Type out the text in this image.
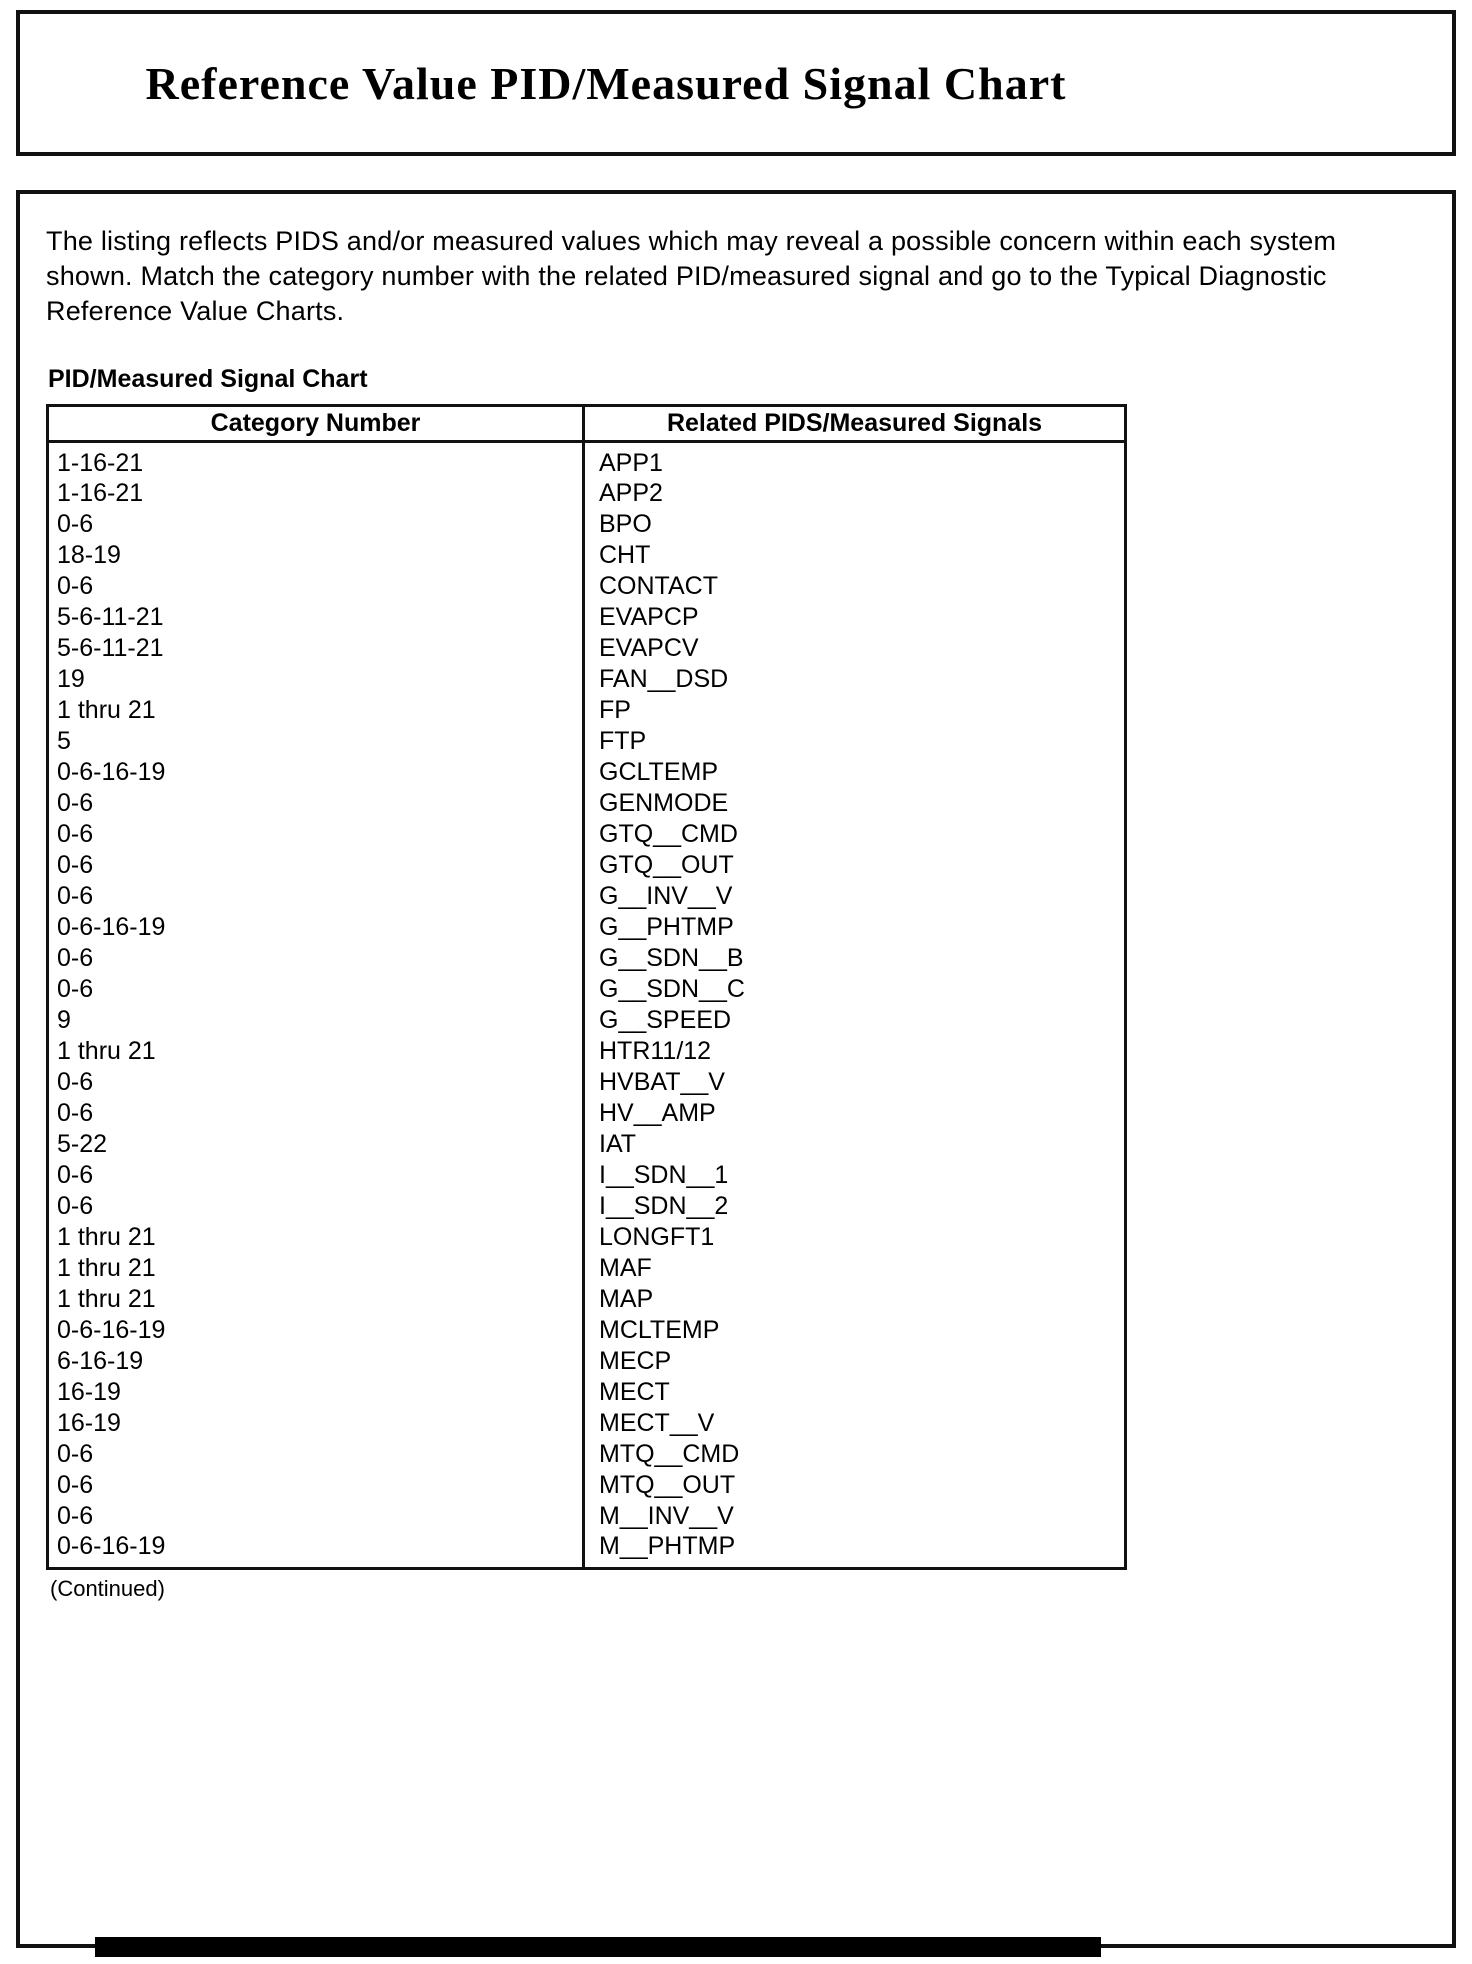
Reference Value PID/Measured Signal Chart

The listing reflects PIDS and/or measured values which may reveal a possible concern within each system shown. Match the category number with the related PID/measured signal and go to the Typical Diagnostic Reference Value Charts.

PID/Measured Signal Chart
Category Number	Related PIDS/Measured Signals
1-16-21	APP1
1-16-21	APP2
0-6	BPO
18-19	CHT
0-6	CONTACT
5-6-11-21	EVAPCP
5-6-11-21	EVAPCV
19	FAN__DSD
1 thru 21	FP
5	FTP
0-6-16-19	GCLTEMP
0-6	GENMODE
0-6	GTQ__CMD
0-6	GTQ__OUT
0-6	G__INV__V
0-6-16-19	G__PHTMP
0-6	G__SDN__B
0-6	G__SDN__C
9	G__SPEED
1 thru 21	HTR11/12
0-6	HVBAT__V
0-6	HV__AMP
5-22	IAT
0-6	I__SDN__1
0-6	I__SDN__2
1 thru 21	LONGFT1
1 thru 21	MAF
1 thru 21	MAP
0-6-16-19	MCLTEMP
6-16-19	MECP
16-19	MECT
16-19	MECT__V
0-6	MTQ__CMD
0-6	MTQ__OUT
0-6	M__INV__V
0-6-16-19	M__PHTMP
(Continued)
